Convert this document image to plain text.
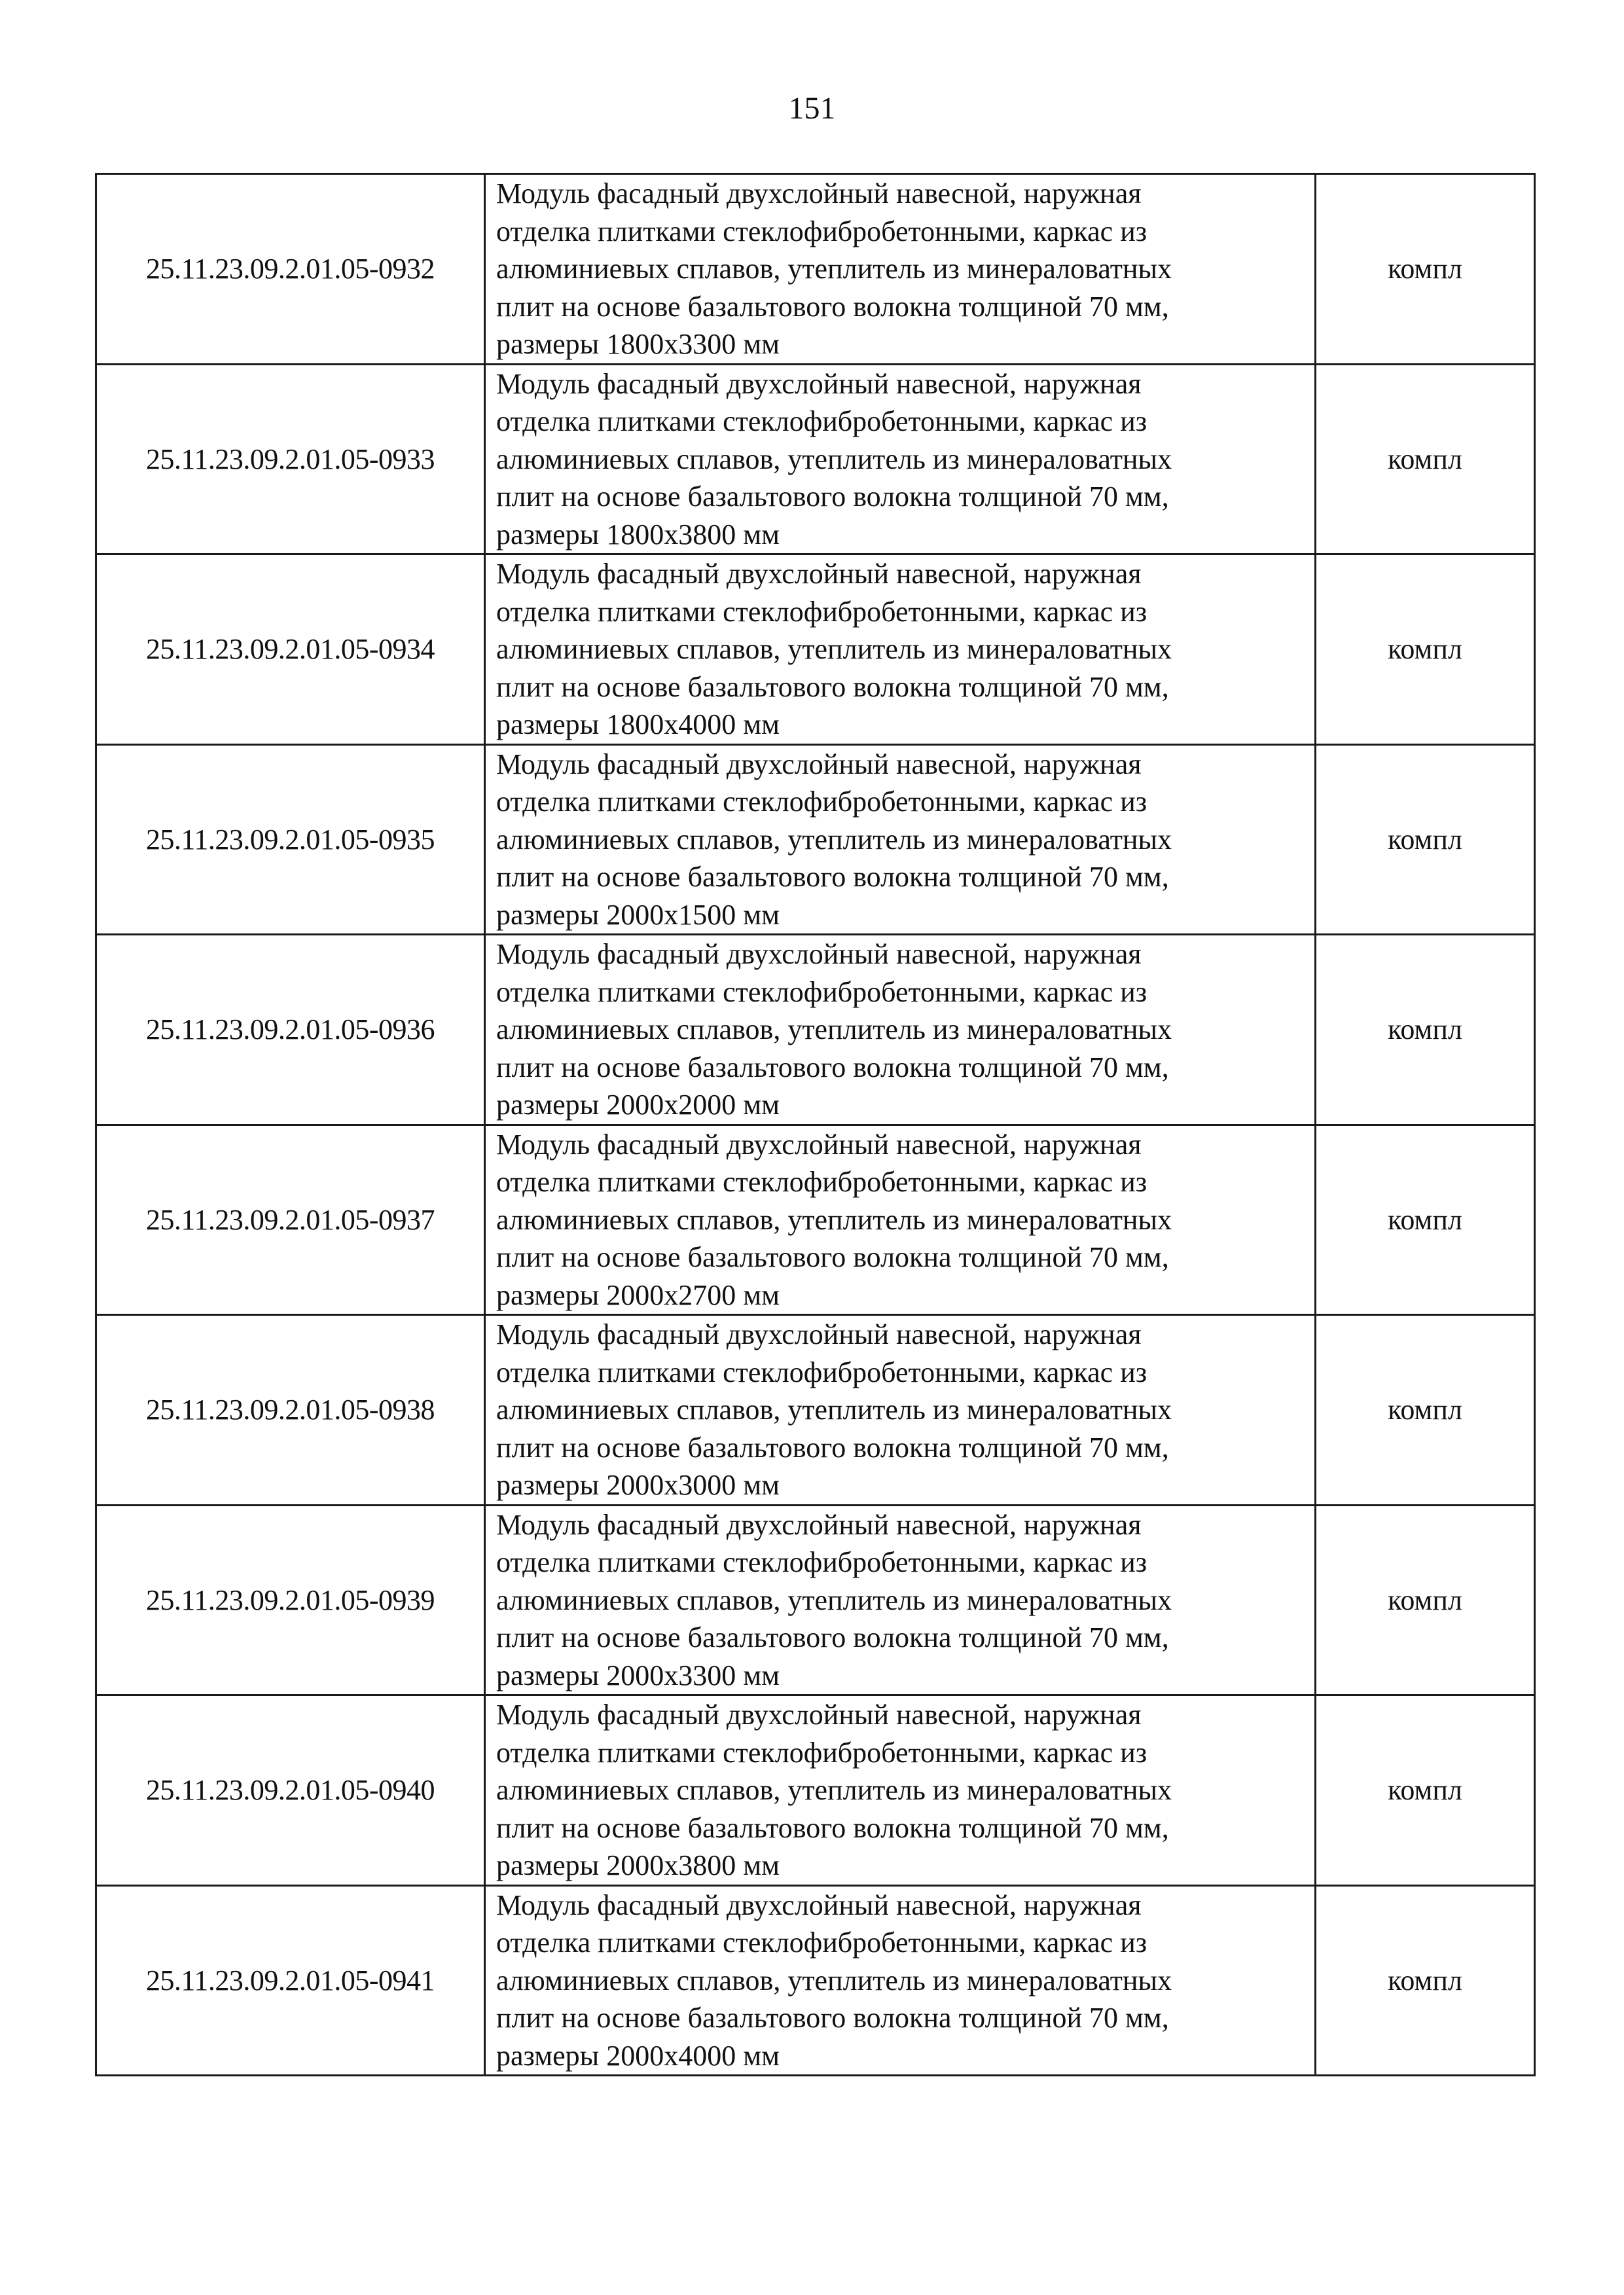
151
25.11.23.09.2.01.05-0932	Модуль фасадный двухслойный навесной, наружная
отделка плитками стеклофибробетонными, каркас из
алюминиевых сплавов, утеплитель из минераловатных
плит на основе базальтового волокна толщиной 70 мм,
размеры 1800х3300 мм	компл
25.11.23.09.2.01.05-0933	Модуль фасадный двухслойный навесной, наружная
отделка плитками стеклофибробетонными, каркас из
алюминиевых сплавов, утеплитель из минераловатных
плит на основе базальтового волокна толщиной 70 мм,
размеры 1800х3800 мм	компл
25.11.23.09.2.01.05-0934	Модуль фасадный двухслойный навесной, наружная
отделка плитками стеклофибробетонными, каркас из
алюминиевых сплавов, утеплитель из минераловатных
плит на основе базальтового волокна толщиной 70 мм,
размеры 1800х4000 мм	компл
25.11.23.09.2.01.05-0935	Модуль фасадный двухслойный навесной, наружная
отделка плитками стеклофибробетонными, каркас из
алюминиевых сплавов, утеплитель из минераловатных
плит на основе базальтового волокна толщиной 70 мм,
размеры 2000х1500 мм	компл
25.11.23.09.2.01.05-0936	Модуль фасадный двухслойный навесной, наружная
отделка плитками стеклофибробетонными, каркас из
алюминиевых сплавов, утеплитель из минераловатных
плит на основе базальтового волокна толщиной 70 мм,
размеры 2000х2000 мм	компл
25.11.23.09.2.01.05-0937	Модуль фасадный двухслойный навесной, наружная
отделка плитками стеклофибробетонными, каркас из
алюминиевых сплавов, утеплитель из минераловатных
плит на основе базальтового волокна толщиной 70 мм,
размеры 2000х2700 мм	компл
25.11.23.09.2.01.05-0938	Модуль фасадный двухслойный навесной, наружная
отделка плитками стеклофибробетонными, каркас из
алюминиевых сплавов, утеплитель из минераловатных
плит на основе базальтового волокна толщиной 70 мм,
размеры 2000х3000 мм	компл
25.11.23.09.2.01.05-0939	Модуль фасадный двухслойный навесной, наружная
отделка плитками стеклофибробетонными, каркас из
алюминиевых сплавов, утеплитель из минераловатных
плит на основе базальтового волокна толщиной 70 мм,
размеры 2000х3300 мм	компл
25.11.23.09.2.01.05-0940	Модуль фасадный двухслойный навесной, наружная
отделка плитками стеклофибробетонными, каркас из
алюминиевых сплавов, утеплитель из минераловатных
плит на основе базальтового волокна толщиной 70 мм,
размеры 2000х3800 мм	компл
25.11.23.09.2.01.05-0941	Модуль фасадный двухслойный навесной, наружная
отделка плитками стеклофибробетонными, каркас из
алюминиевых сплавов, утеплитель из минераловатных
плит на основе базальтового волокна толщиной 70 мм,
размеры 2000х4000 мм	компл
